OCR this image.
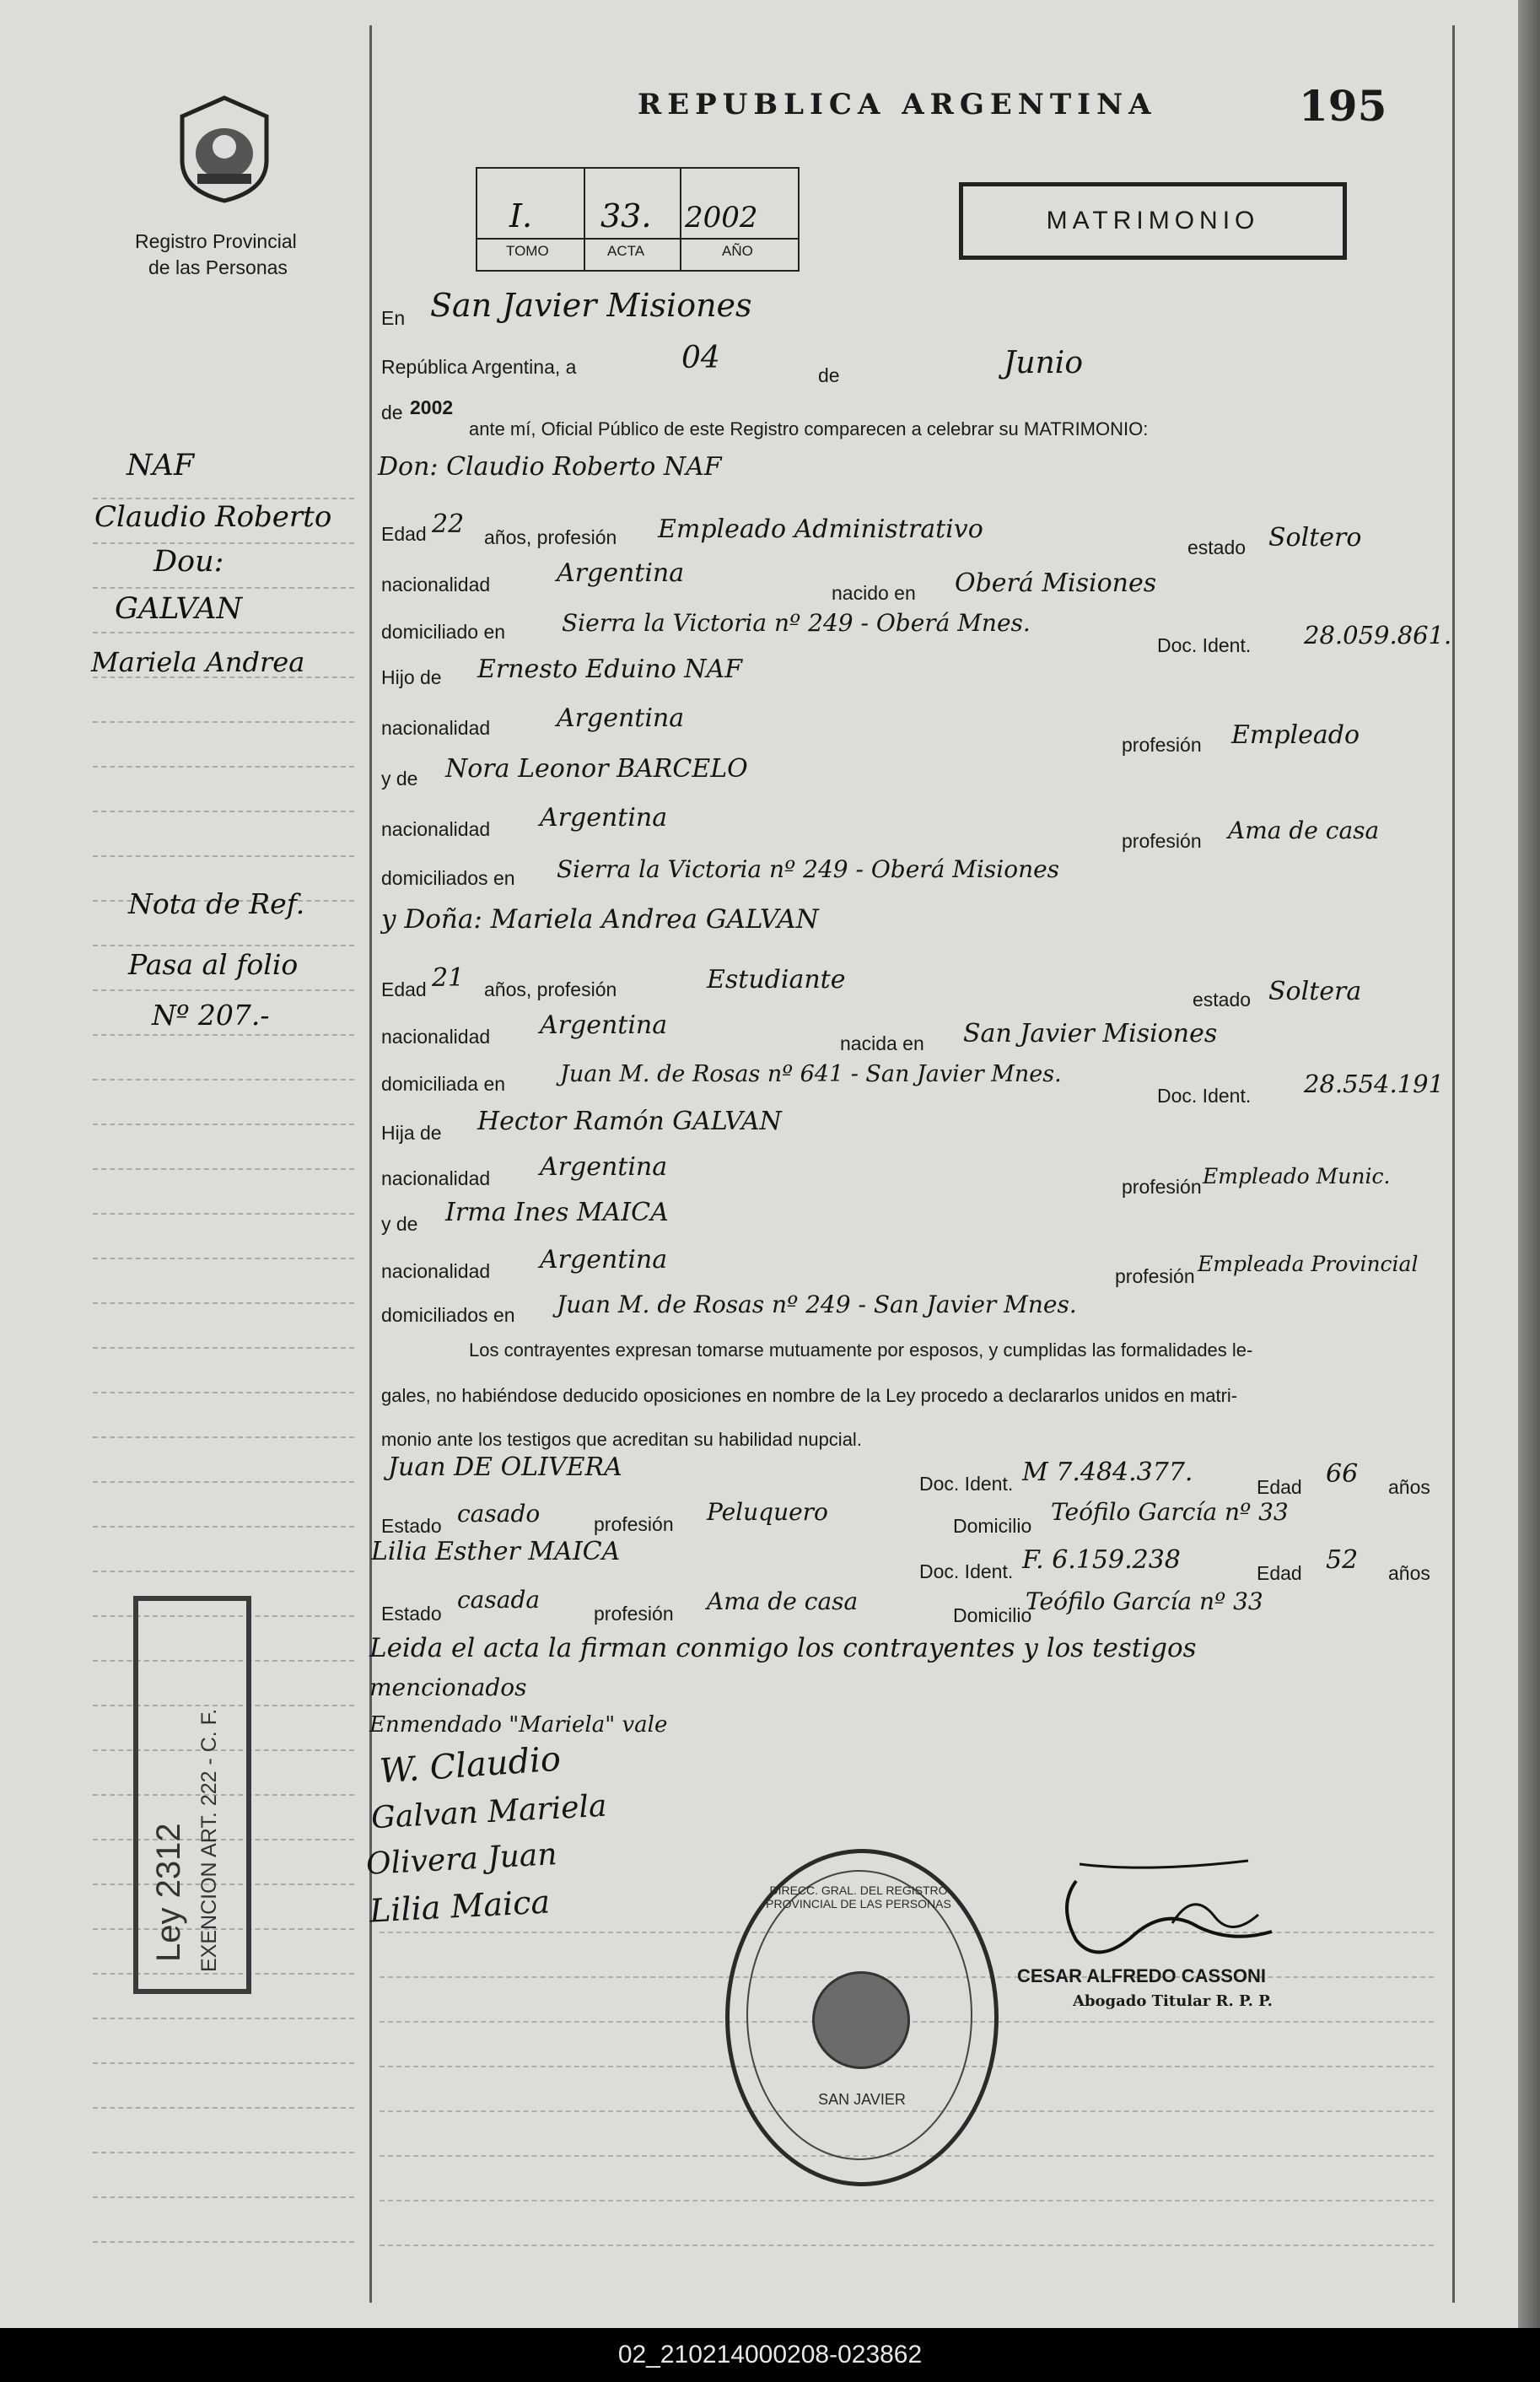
Registro Provincial
de las Personas
REPUBLICA ARGENTINA	195
I. 33. 2002
TOMO	ACTA	AÑO
MATRIMONIO
NAF
Claudio Roberto
Dou:
GALVAN
Mariela Andrea
Nota de Ref.
Pasa al folio
Nº 207.-
En San Javier Misiones
República Argentina, a	04	de	Junio
de 2002
ante mí, Oficial Público de este Registro comparecen a celebrar su MATRIMONIO:
Don: Claudio Roberto NAF
Edad 22 años, profesión Empleado Administrativo
estado Soltero
nacionalidad	Argentina
nacido en Oberá Misiones
domiciliado en Sierra la Victoria nº 249 - Oberá Mnes.
Doc. Ident. 28.059.861.
Hijo de Ernesto Eduino NAF
nacionalidad	Argentina
profesión Empleado
y de Nora Leonor BARCELO
nacionalidad Argentina
profesión Ama de casa
domiciliados en Sierra la Victoria nº 249 - Oberá Misiones
y Doña: Mariela Andrea GALVAN
Edad 21 años, profesión	Estudiante
estado Soltera
nacionalidad Argentina
nacida en San Javier Misiones
domiciliada en Juan M. de Rosas nº 641 - San Javier Mnes.
Doc. Ident. 28.554.191
Hija de Hector Ramón GALVAN
nacionalidad Argentina
profesión Empleado Munic.
y de Irma Ines MAICA
nacionalidad Argentina
profesión Empleada Provincial
domiciliados en Juan M. de Rosas nº 249 - San Javier Mnes.
Los contrayentes expresan tomarse mutuamente por esposos, y cumplidas las formalidades le-
gales, no habiéndose deducido oposiciones en nombre de la Ley procedo a declararlos unidos en matri-
monio ante los testigos que acreditan su habilidad nupcial.
Juan DE OLIVERA
Doc. Ident. M 7.484.377.	Edad 66 años
Estado casado	profesión Peluquero	Domicilio Teófilo García nº 33
Lilia Esther MAICA
Doc. Ident. F. 6.159.238	Edad 52 años
Estado casada	profesión Ama de casa	Domicilio
Teófilo García nº 33
Leida el acta la firman conmigo los contrayentes y los testigos
mencionados
Enmendado "Mariela" vale
W. Claudio
Galvan Mariela
Olivera Juan
Lilia Maica
Ley 2312 EXENCION ART. 222 - C. F.	DIRECC. GRAL. DEL REGISTRO PROVINCIAL DE LAS PERSONAS
SAN JAVIER
CESAR ALFREDO CASSONI
Abogado Titular R. P. P.
02_210214000208-023862
